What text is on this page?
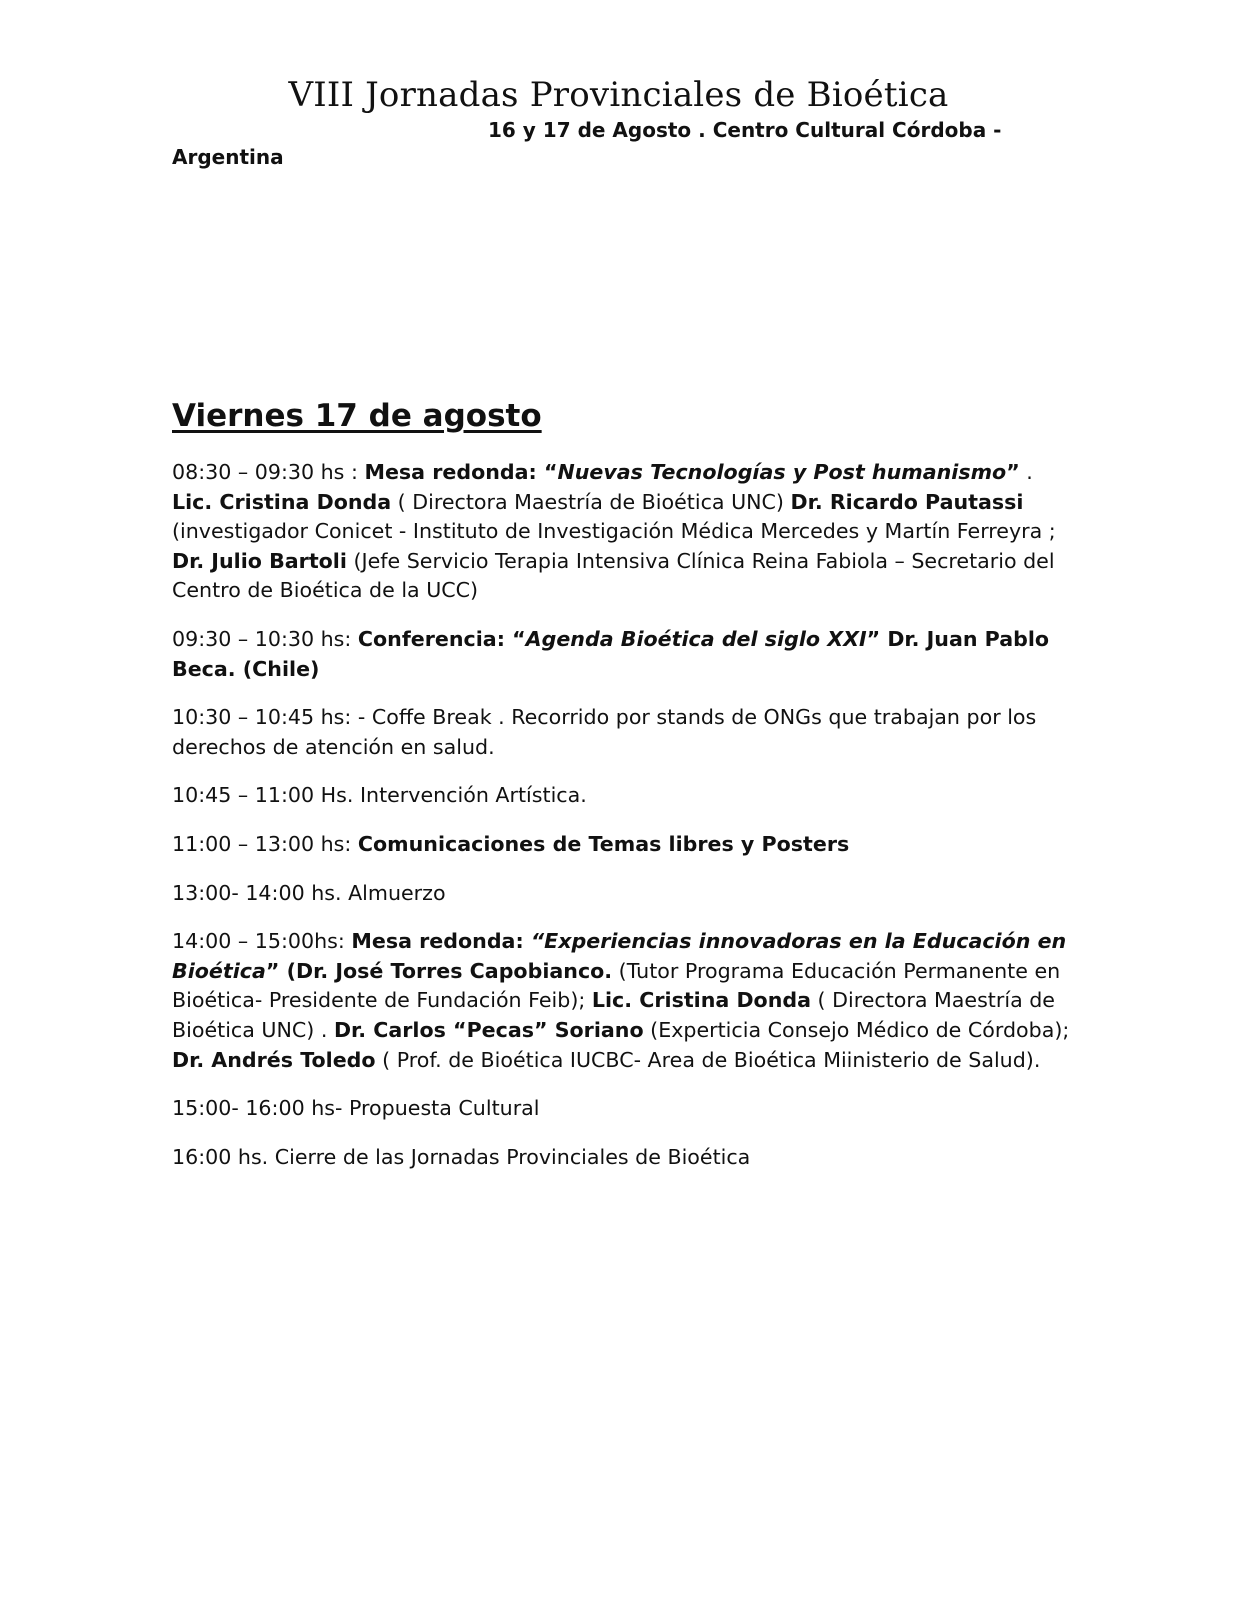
VIII Jornadas Provinciales de Bioética

16 y 17 de Agosto . Centro Cultural Córdoba - Argentina

Viernes 17 de agosto

08:30 – 09:30 hs : Mesa redonda: “Nuevas Tecnologías y Post humanismo” . Lic. Cristina Donda ( Directora Maestría de Bioética UNC) Dr. Ricardo Pautassi (investigador Conicet - Instituto de Investigación Médica Mercedes y Martín Ferreyra ; Dr. Julio Bartoli (Jefe Servicio Terapia Intensiva Clínica Reina Fabiola – Secretario del Centro de Bioética de la UCC)

09:30 – 10:30 hs: Conferencia: “Agenda Bioética del siglo XXI” Dr. Juan Pablo Beca. (Chile)

10:30 – 10:45 hs: - Coffe Break . Recorrido por stands de ONGs que trabajan por los derechos de atención en salud.

10:45 – 11:00 Hs. Intervención Artística.

11:00 – 13:00 hs: Comunicaciones de Temas libres y Posters

13:00- 14:00 hs. Almuerzo

14:00 – 15:00hs: Mesa redonda: “Experiencias innovadoras en la Educación en Bioética” (Dr. José Torres Capobianco. (Tutor Programa Educación Permanente en Bioética- Presidente de Fundación Feib); Lic. Cristina Donda ( Directora Maestría de Bioética UNC) . Dr. Carlos “Pecas” Soriano (Experticia Consejo Médico de Córdoba); Dr. Andrés Toledo ( Prof. de Bioética IUCBC- Area de Bioética Miinisterio de Salud).

15:00- 16:00 hs- Propuesta Cultural

16:00 hs. Cierre de las Jornadas Provinciales de Bioética
